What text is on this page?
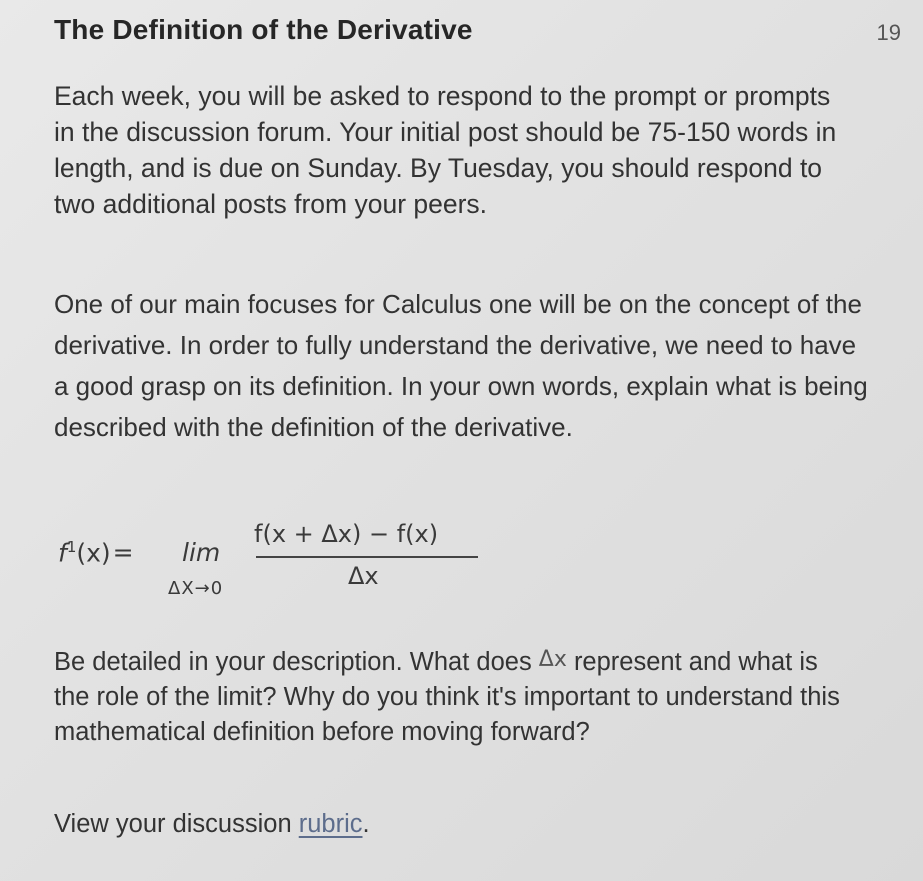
The Definition of the Derivative	19
Each week, you will be asked to respond to the prompt or prompts in the discussion forum. Your initial post should be 75-150 words in length, and is due on Sunday. By Tuesday, you should respond to two additional posts from your peers.
One of our main focuses for Calculus one will be on the concept of the derivative. In order to fully understand the derivative, we need to have a good grasp on its definition. In your own words, explain what is being described with the definition of the derivative.
$f^1(x)= \lim$
ΔX→0
f(x + Δx) − f(x)
Δx
Be detailed in your description. What does Δx represent and what is the role of the limit? Why do you think it's important to understand this mathematical definition before moving forward?
View your discussion rubric.
